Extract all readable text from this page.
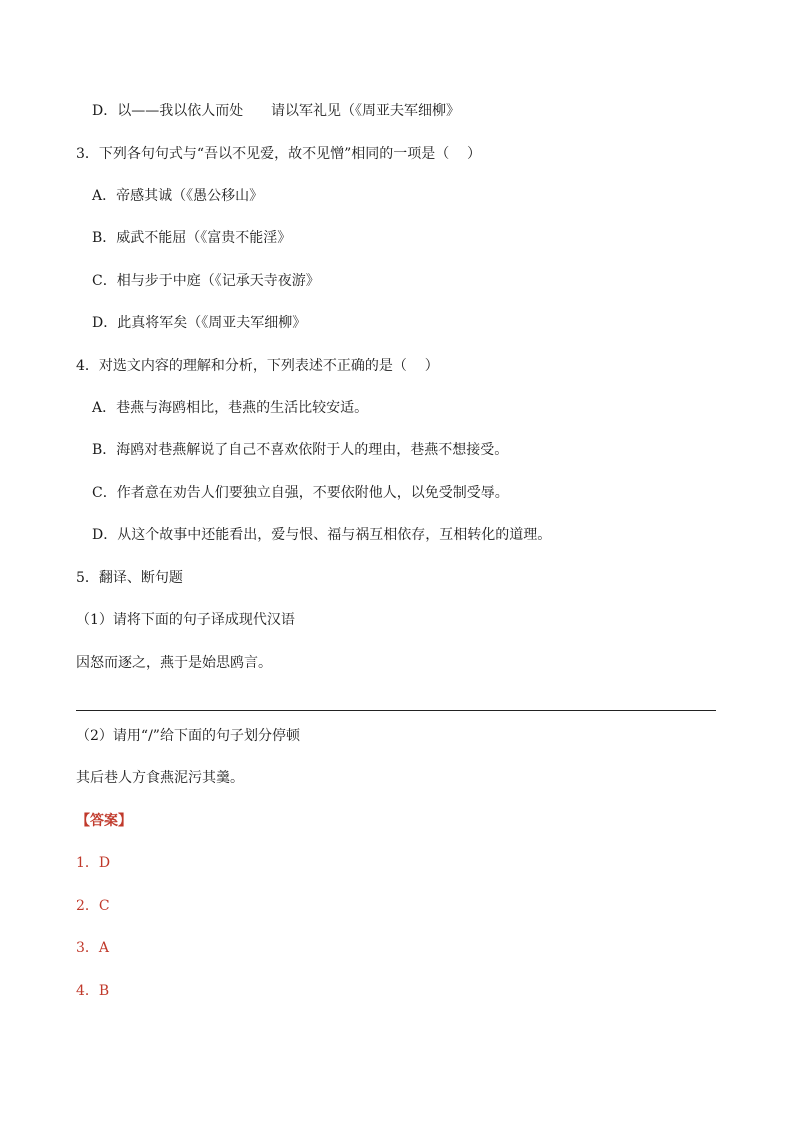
D．以——我以依人而处 请以军礼见（《周亚夫军细柳》
3．下列各句句式与“吾以不见爱，故不见憎”相同的一项是（    ）
A．帝感其诚（《愚公移山》
B．威武不能屈（《富贵不能淫》
C．相与步于中庭（《记承天寺夜游》
D．此真将军矣（《周亚夫军细柳》
4．对选文内容的理解和分析，下列表述不正确的是（    ）
A．巷燕与海鸥相比，巷燕的生活比较安适。
B．海鸥对巷燕解说了自己不喜欢依附于人的理由，巷燕不想接受。
C．作者意在劝告人们要独立自强，不要依附他人，以免受制受辱。
D．从这个故事中还能看出，爱与恨、福与祸互相依存，互相转化的道理。
5．翻译、断句题
（1）请将下面的句子译成现代汉语
因怒而逐之，燕于是始思鸥言。
（2）请用“/”给下面的句子划分停顿
其后巷人方食燕泥污其羹。
【答案】
1．D
2．C
3．A
4．B
